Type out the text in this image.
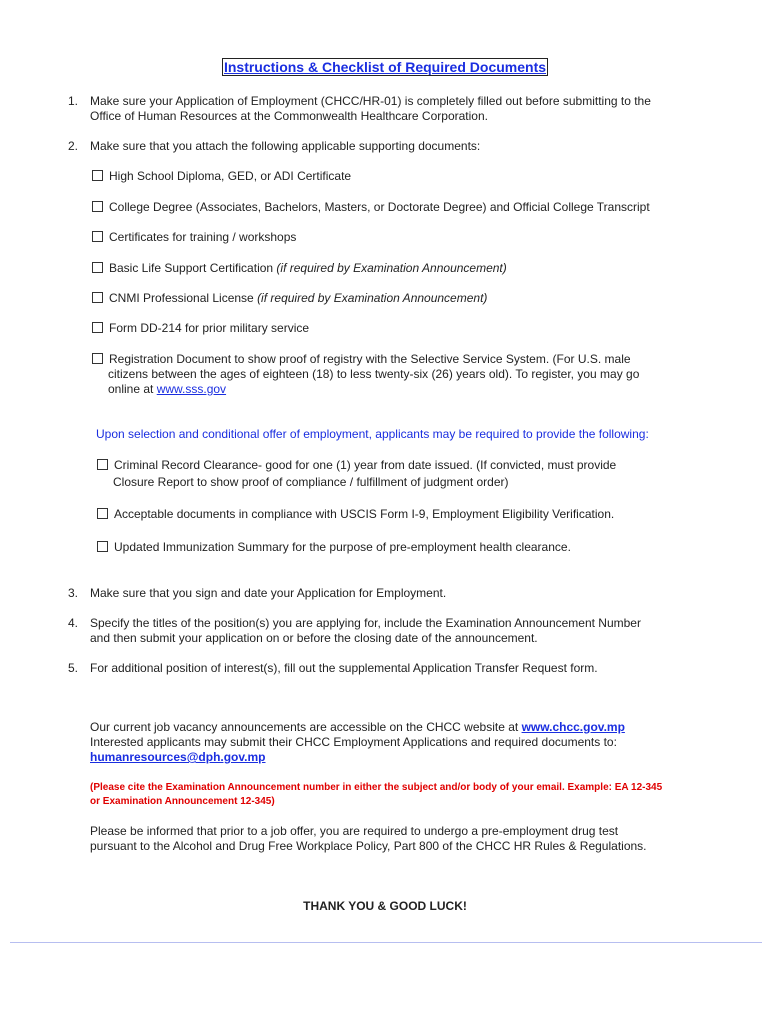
Instructions & Checklist of Required Documents
1. Make sure your Application of Employment (CHCC/HR-01) is completely filled out before submitting to the
Office of Human Resources at the Commonwealth Healthcare Corporation.
2. Make sure that you attach the following applicable supporting documents:
High School Diploma, GED, or ADI Certificate
College Degree (Associates, Bachelors, Masters, or Doctorate Degree) and Official College Transcript
Certificates for training / workshops
Basic Life Support Certification (if required by Examination Announcement)
CNMI Professional License (if required by Examination Announcement)
Form DD-214 for prior military service
Registration Document to show proof of registry with the Selective Service System. (For U.S. male
citizens between the ages of eighteen (18) to less twenty-six (26) years old). To register, you may go
online at www.sss.gov
Upon selection and conditional offer of employment, applicants may be required to provide the following:
Criminal Record Clearance- good for one (1) year from date issued. (If convicted, must provide
Closure Report to show proof of compliance / fulfillment of judgment order)
Acceptable documents in compliance with USCIS Form I-9, Employment Eligibility Verification.
Updated Immunization Summary for the purpose of pre-employment health clearance.
3. Make sure that you sign and date your Application for Employment.
4. Specify the titles of the position(s) you are applying for, include the Examination Announcement Number
and then submit your application on or before the closing date of the announcement.
5. For additional position of interest(s), fill out the supplemental Application Transfer Request form.
Our current job vacancy announcements are accessible on the CHCC website at www.chcc.gov.mp
Interested applicants may submit their CHCC Employment Applications and required documents to:
humanresources@dph.gov.mp
(Please cite the Examination Announcement number in either the subject and/or body of your email. Example: EA 12-345
or Examination Announcement 12-345)
Please be informed that prior to a job offer, you are required to undergo a pre-employment drug test
pursuant to the Alcohol and Drug Free Workplace Policy, Part 800 of the CHCC HR Rules & Regulations.
THANK YOU & GOOD LUCK!
